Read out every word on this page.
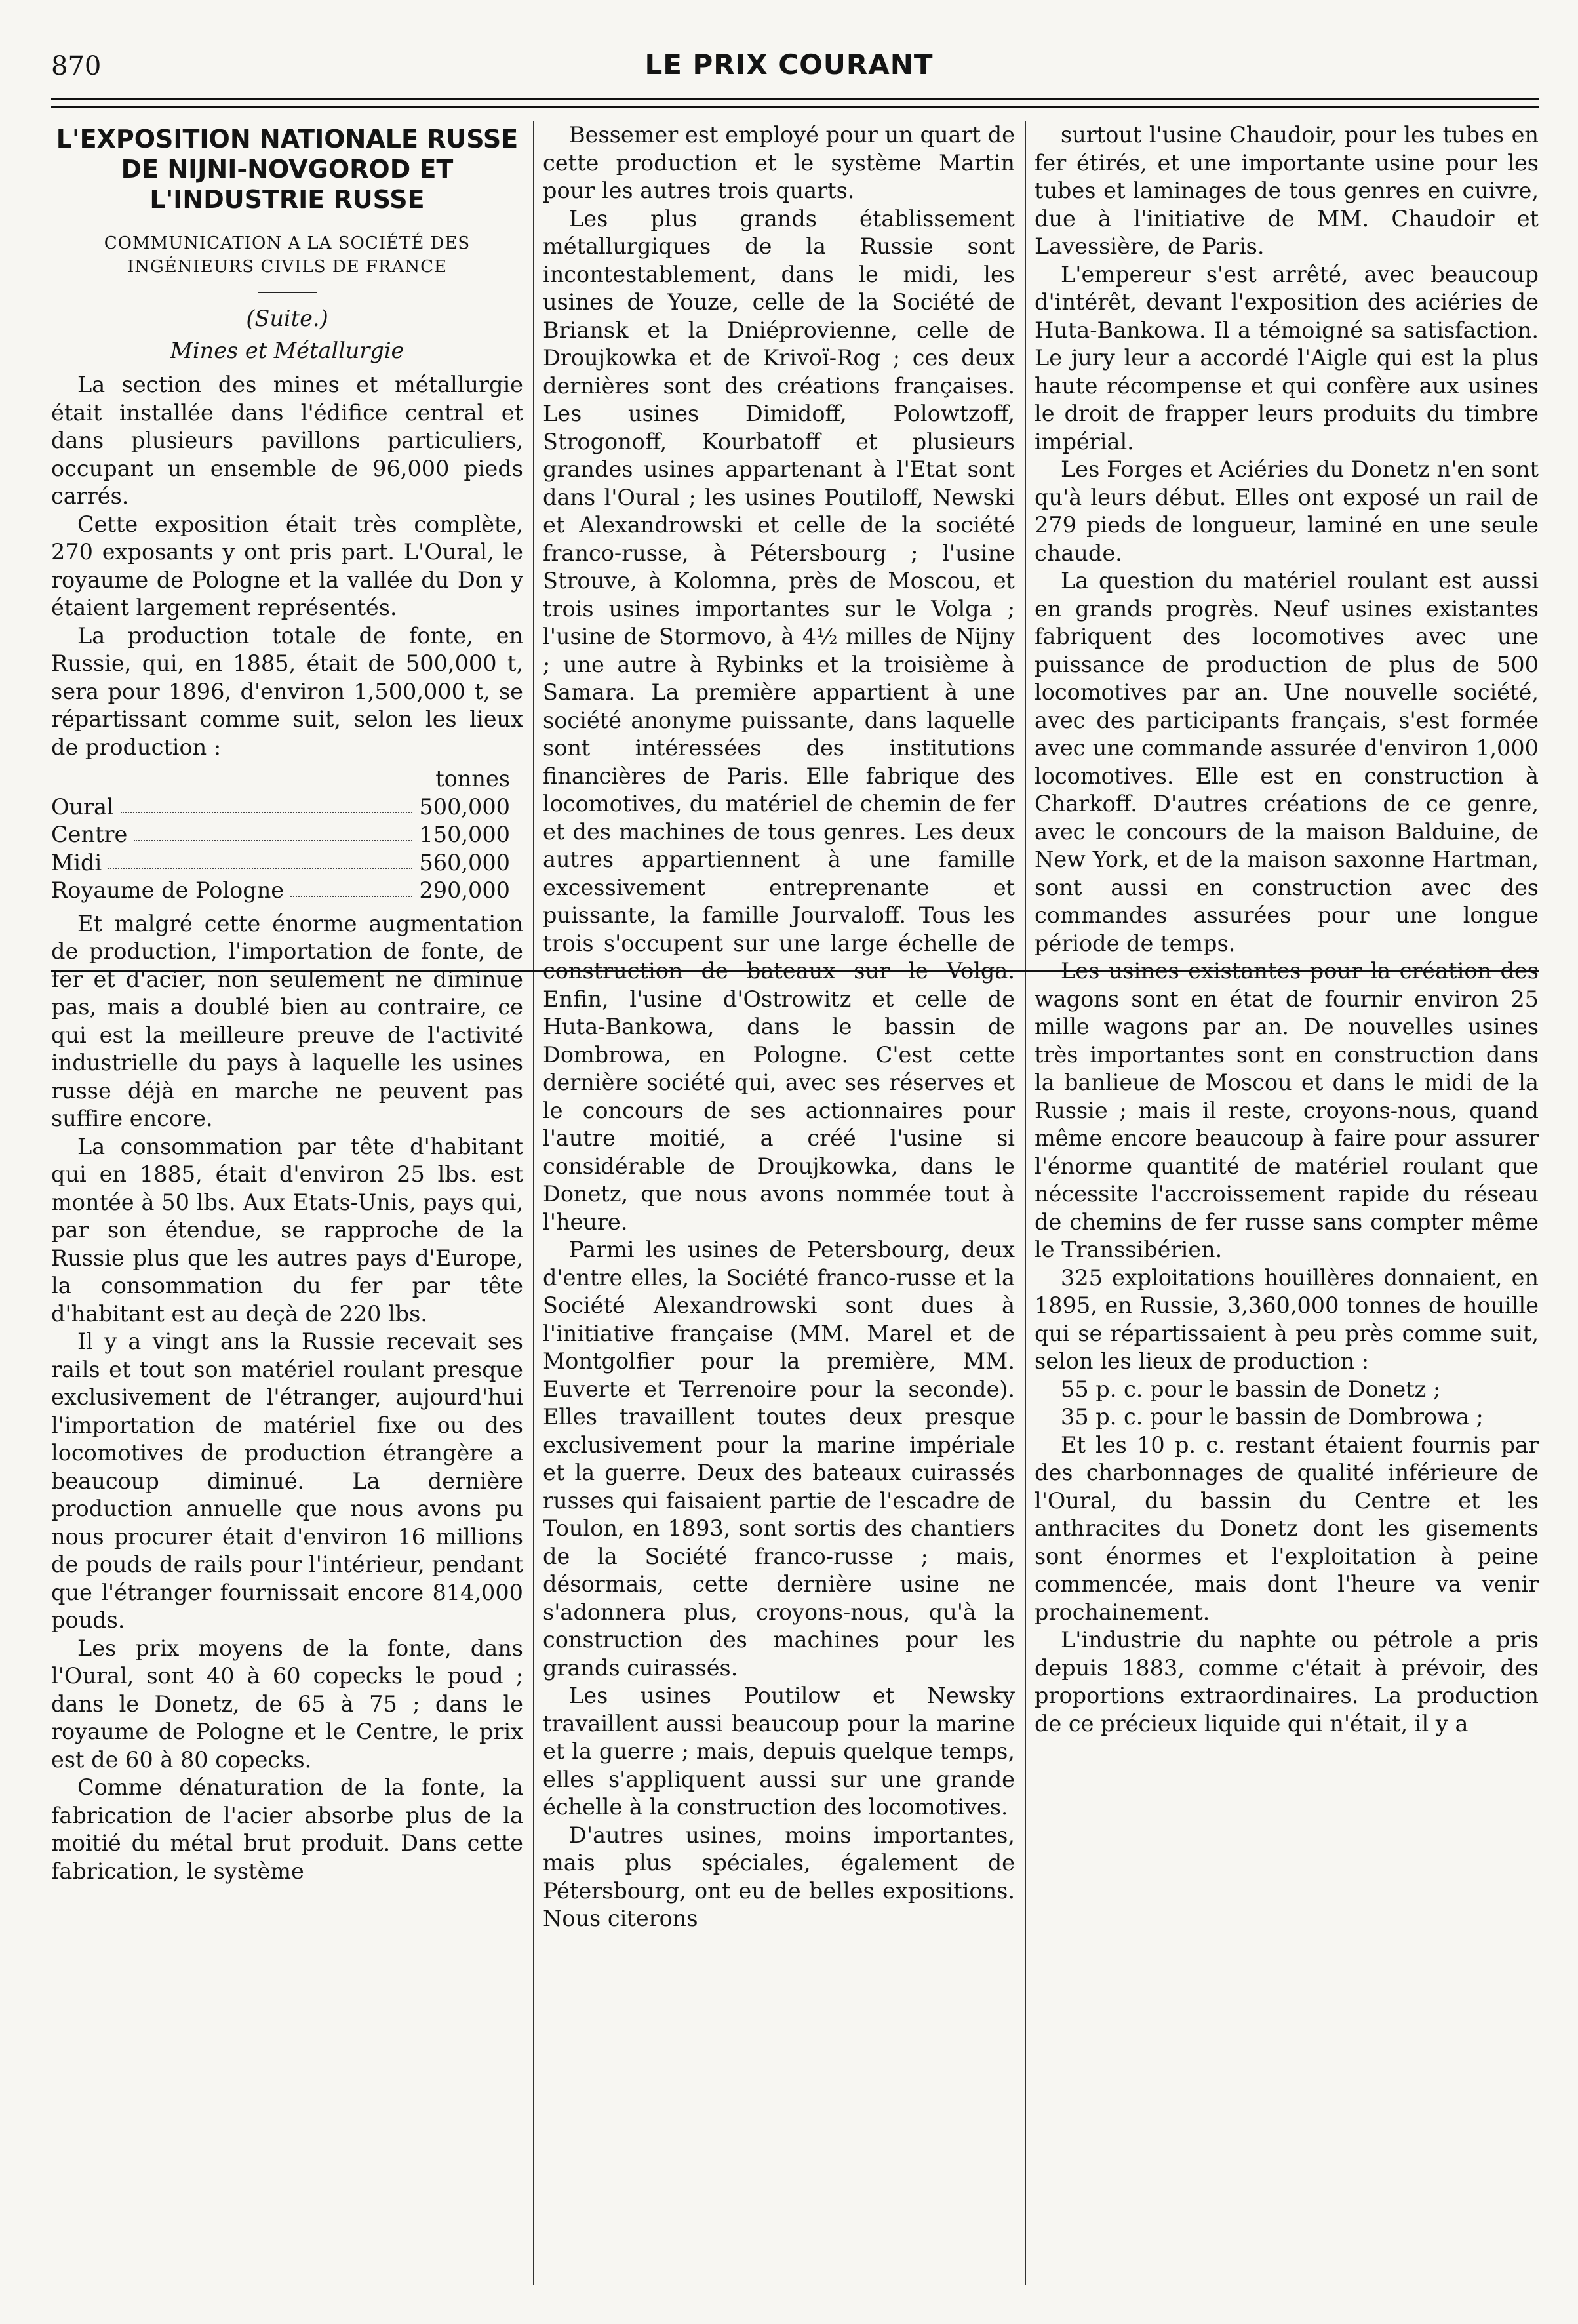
870	LE PRIX COURANT
L'EXPOSITION NATIONALE RUSSE DE NIJNI-NOVGOROD ET L'INDUSTRIE RUSSE
COMMUNICATION A LA SOCIÉTÉ DES INGÉNIEURS CIVILS DE FRANCE
(Suite.)
Mines et Métallurgie

La section des mines et métallurgie était installée dans l'édifice central et dans plusieurs pavillons particuliers, occupant un ensemble de 96,000 pieds carrés.

Cette exposition était très complète, 270 exposants y ont pris part. L'Oural, le royaume de Pologne et la vallée du Don y étaient largement représentés.

La production totale de fonte, en Russie, qui, en 1885, était de 500,000 t, sera pour 1896, d'environ 1,500,000 t, se répartissant comme suit, selon les lieux de production :

tonnes
Oural	500,000
Centre	150,000
Midi	560,000
Royaume de Pologne	290,000

Et malgré cette énorme augmentation de production, l'importation de fonte, de fer et d'acier, non seulement ne diminue pas, mais a doublé bien au contraire, ce qui est la meilleure preuve de l'activité industrielle du pays à laquelle les usines russe déjà en marche ne peuvent pas suffire encore.

La consommation par tête d'habitant qui en 1885, était d'environ 25 lbs. est montée à 50 lbs. Aux Etats-Unis, pays qui, par son étendue, se rapproche de la Russie plus que les autres pays d'Europe, la consommation du fer par tête d'habitant est au deçà de 220 lbs.

Il y a vingt ans la Russie recevait ses rails et tout son matériel roulant presque exclusivement de l'étranger, aujourd'hui l'importation de matériel fixe ou des locomotives de production étrangère a beaucoup diminué. La dernière production annuelle que nous avons pu nous procurer était d'environ 16 millions de pouds de rails pour l'intérieur, pendant que l'étranger fournissait encore 814,000 pouds.

Les prix moyens de la fonte, dans l'Oural, sont 40 à 60 copecks le poud ; dans le Donetz, de 65 à 75 ; dans le royaume de Pologne et le Centre, le prix est de 60 à 80 copecks.

Comme dénaturation de la fonte, la fabrication de l'acier absorbe plus de la moitié du métal brut produit. Dans cette fabrication, le système

Bessemer est employé pour un quart de cette production et le système Martin pour les autres trois quarts.

Les plus grands établissement métallurgiques de la Russie sont incontestablement, dans le midi, les usines de Youze, celle de la Société de Briansk et la Dniéprovienne, celle de Droujkowka et de Krivoï-Rog ; ces deux dernières sont des créations françaises. Les usines Dimidoff, Polowtzoff, Strogonoff, Kourbatoff et plusieurs grandes usines appartenant à l'Etat sont dans l'Oural ; les usines Poutiloff, Newski et Alexandrowski et celle de la société franco-russe, à Pétersbourg ; l'usine Strouve, à Kolomna, près de Moscou, et trois usines importantes sur le Volga ; l'usine de Stormovo, à 4½ milles de Nijny ; une autre à Rybinks et la troisième à Samara. La première appartient à une société anonyme puissante, dans laquelle sont intéressées des institutions financières de Paris. Elle fabrique des locomotives, du matériel de chemin de fer et des machines de tous genres. Les deux autres appartiennent à une famille excessivement entreprenante et puissante, la famille Jourvaloff. Tous les trois s'occupent sur une large échelle de construction de bateaux sur le Volga. Enfin, l'usine d'Ostrowitz et celle de Huta-Bankowa, dans le bassin de Dombrowa, en Pologne. C'est cette dernière société qui, avec ses réserves et le concours de ses actionnaires pour l'autre moitié, a créé l'usine si considérable de Droujkowka, dans le Donetz, que nous avons nommée tout à l'heure.

Parmi les usines de Petersbourg, deux d'entre elles, la Société franco-russe et la Société Alexandrowski sont dues à l'initiative française (MM. Marel et de Montgolfier pour la première, MM. Euverte et Terrenoire pour la seconde). Elles travaillent toutes deux presque exclusivement pour la marine impériale et la guerre. Deux des bateaux cuirassés russes qui faisaient partie de l'escadre de Toulon, en 1893, sont sortis des chantiers de la Société franco-russe ; mais, désormais, cette dernière usine ne s'adonnera plus, croyons-nous, qu'à la construction des machines pour les grands cuirassés.

Les usines Poutilow et Newsky travaillent aussi beaucoup pour la marine et la guerre ; mais, depuis quelque temps, elles s'appliquent aussi sur une grande échelle à la construction des locomotives.

D'autres usines, moins importantes, mais plus spéciales, également de Pétersbourg, ont eu de belles expositions. Nous citerons

surtout l'usine Chaudoir, pour les tubes en fer étirés, et une importante usine pour les tubes et laminages de tous genres en cuivre, due à l'initiative de MM. Chaudoir et Lavessière, de Paris.

L'empereur s'est arrêté, avec beaucoup d'intérêt, devant l'exposition des aciéries de Huta-Bankowa. Il a témoigné sa satisfaction. Le jury leur a accordé l'Aigle qui est la plus haute récompense et qui confère aux usines le droit de frapper leurs produits du timbre impérial.

Les Forges et Aciéries du Donetz n'en sont qu'à leurs début. Elles ont exposé un rail de 279 pieds de longueur, laminé en une seule chaude.

La question du matériel roulant est aussi en grands progrès. Neuf usines existantes fabriquent des locomotives avec une puissance de production de plus de 500 locomotives par an. Une nouvelle société, avec des participants français, s'est formée avec une commande assurée d'environ 1,000 locomotives. Elle est en construction à Charkoff. D'autres créations de ce genre, avec le concours de la maison Balduine, de New York, et de la maison saxonne Hartman, sont aussi en construction avec des commandes assurées pour une longue période de temps.

Les usines existantes pour la création des wagons sont en état de fournir environ 25 mille wagons par an. De nouvelles usines très importantes sont en construction dans la banlieue de Moscou et dans le midi de la Russie ; mais il reste, croyons-nous, quand même encore beaucoup à faire pour assurer l'énorme quantité de matériel roulant que nécessite l'accroissement rapide du réseau de chemins de fer russe sans compter même le Transsibérien.

325 exploitations houillères donnaient, en 1895, en Russie, 3,360,000 tonnes de houille qui se répartissaient à peu près comme suit, selon les lieux de production :

55 p. c. pour le bassin de Donetz ;

35 p. c. pour le bassin de Dombrowa ;

Et les 10 p. c. restant étaient fournis par des charbonnages de qualité inférieure de l'Oural, du bassin du Centre et les anthracites du Donetz dont les gisements sont énormes et l'exploitation à peine commencée, mais dont l'heure va venir prochainement.

L'industrie du naphte ou pétrole a pris depuis 1883, comme c'était à prévoir, des proportions extraordinaires. La production de ce précieux liquide qui n'était, il y a
